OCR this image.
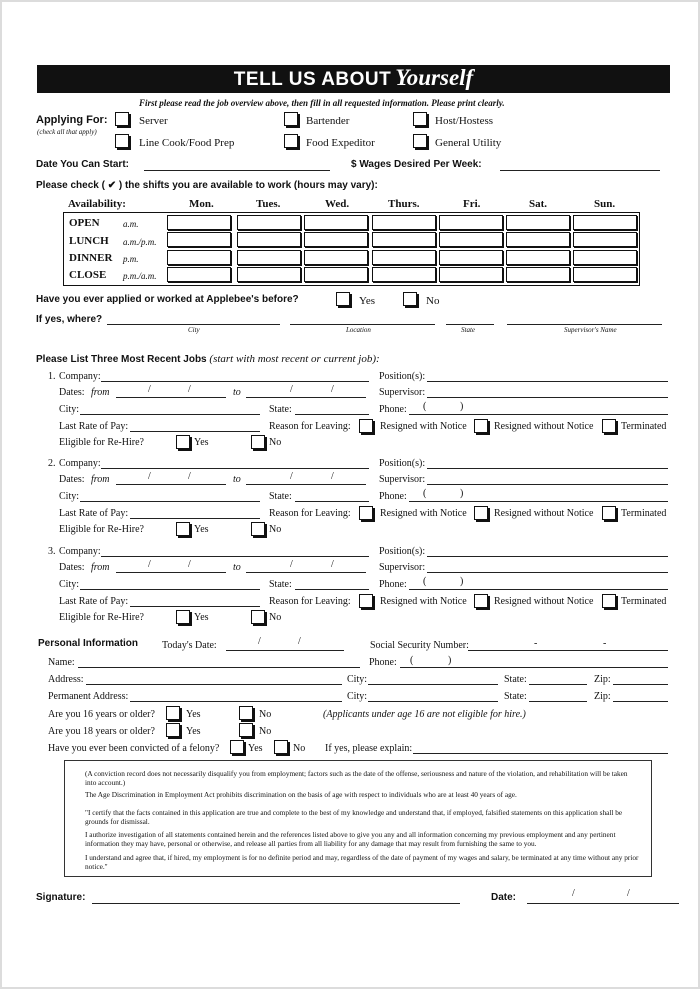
TELL US ABOUT Yourself
First please read the job overview above, then fill in all requested information. Please print clearly.
Applying For:
(check all that apply)
Server	Bartender	Host/Hostess
Line Cook/Food Prep	Food Expeditor	General Utility
Date You Can Start:	$ Wages Desired Per Week:
Please check ( ✔ ) the shifts you are available to work (hours may vary):
Availability:	Mon.	Tues.	Wed.	Thurs.	Fri.	Sat.	Sun.
OPEN	a.m.
LUNCH a.m./p.m.
DINNER p.m.
CLOSE p.m./a.m.
Have you ever applied or worked at Applebee's before?	Yes	No
If yes, where?
City	Location	State	Supervisor's Name
Please List Three Most Recent Jobs (start with most recent or current job):
1. Company:	Position(s):
Dates: from	/	/	to	/	/	Supervisor:
City:	State:	Phone: (	)
Last Rate of Pay:	Reason for Leaving:	Resigned with Notice	Resigned without Notice	Terminated
Eligible for Re-Hire?	Yes	No
2. Company:	Position(s):
Dates: from	/	/	to	/	/	Supervisor:
City:	State:	Phone: (	)
Last Rate of Pay:	Reason for Leaving:	Resigned with Notice	Resigned without Notice	Terminated
Eligible for Re-Hire?	Yes	No
3. Company:	Position(s):
Dates: from	/	/	to	/	/	Supervisor:
City:	State:	Phone: (	)
Last Rate of Pay:	Reason for Leaving:	Resigned with Notice	Resigned without Notice	Terminated
Eligible for Re-Hire?	Yes	No
Personal Information Today's Date:	/	/	Social Security Number:	-	-
Name:	Phone: (	)
Address:	City:	State:	Zip:
Permanent Address:	City:	State:	Zip:
Are you 16 years or older?	Yes	No	(Applicants under age 16 are not eligible for hire.)
Are you 18 years or older?	Yes	No
Have you ever been convicted of a felony?	Yes	No If yes, please explain:

(A conviction record does not necessarily disqualify you from employment; factors such as the date of the offense, seriousness and nature of the violation, and rehabilitation will be taken into account.)

The Age Discrimination in Employment Act prohibits discrimination on the basis of age with respect to individuals who are at least 40 years of age.

"I certify that the facts contained in this application are true and complete to the best of my knowledge and understand that, if employed, falsified statements on this application shall be grounds for dismissal.

I authorize investigation of all statements contained herein and the references listed above to give you any and all information concerning my previous employment and any pertinent information they may have, personal or otherwise, and release all parties from all liability for any damage that may result from furnishing the same to you.

I understand and agree that, if hired, my employment is for no definite period and may, regardless of the date of payment of my wages and salary, be terminated at any time without any prior notice."

Signature:	Date:	/	/
